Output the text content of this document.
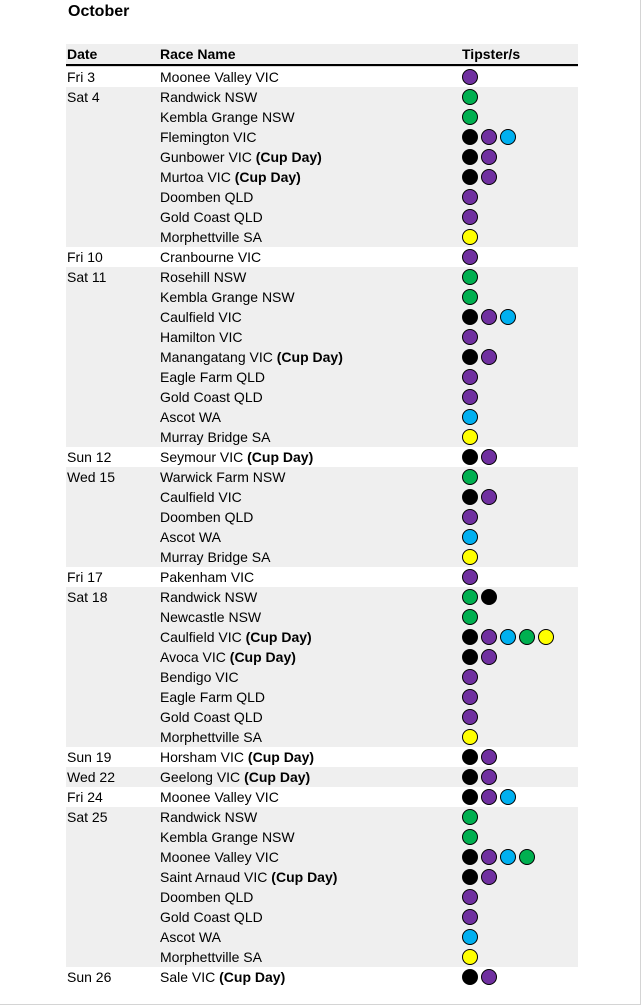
October
Date	Race Name	Tipster/s
Fri 3	Moonee Valley VIC
Sat 4	Randwick NSW
Kembla Grange NSW
Flemington VIC
Gunbower VIC (Cup Day)
Murtoa VIC (Cup Day)
Doomben QLD
Gold Coast QLD
Morphettville SA
Fri 10	Cranbourne VIC
Sat 11	Rosehill NSW
Kembla Grange NSW
Caulfield VIC
Hamilton VIC
Manangatang VIC (Cup Day)
Eagle Farm QLD
Gold Coast QLD
Ascot WA
Murray Bridge SA
Sun 12	Seymour VIC (Cup Day)
Wed 15	Warwick Farm NSW
Caulfield VIC
Doomben QLD
Ascot WA
Murray Bridge SA
Fri 17	Pakenham VIC
Sat 18	Randwick NSW
Newcastle NSW
Caulfield VIC (Cup Day)
Avoca VIC (Cup Day)
Bendigo VIC
Eagle Farm QLD
Gold Coast QLD
Morphettville SA
Sun 19	Horsham VIC (Cup Day)
Wed 22	Geelong VIC (Cup Day)
Fri 24	Moonee Valley VIC
Sat 25	Randwick NSW
Kembla Grange NSW
Moonee Valley VIC
Saint Arnaud VIC (Cup Day)
Doomben QLD
Gold Coast QLD
Ascot WA
Morphettville SA
Sun 26	Sale VIC (Cup Day)
